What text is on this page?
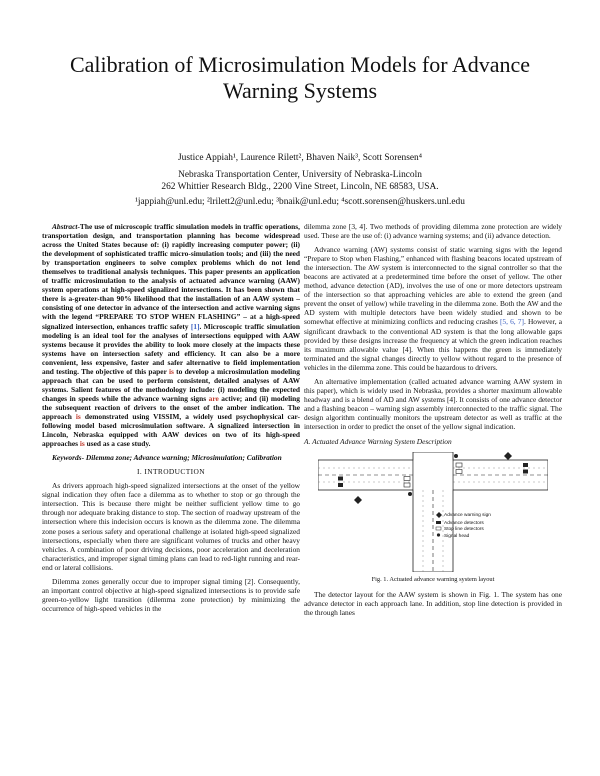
Calibration of Microsimulation Models for Advance Warning Systems
Justice Appiah¹, Laurence Rilett², Bhaven Naik³, Scott Sorensen⁴
Nebraska Transportation Center, University of Nebraska-Lincoln
262 Whittier Research Bldg., 2200 Vine Street, Lincoln, NE 68583, USA.
¹jappiah@unl.edu; ²lrilett2@unl.edu; ³bnaik@unl.edu; ⁴scott.sorensen@huskers.unl.edu

Abstract-The use of microscopic traffic simulation models in traffic operations, transportation design, and transportation planning has become widespread across the United States because of: (i) rapidly increasing computer power; (ii) the development of sophisticated traffic micro-simulation tools; and (iii) the need by transportation engineers to solve complex problems which do not lend themselves to traditional analysis techniques. This paper presents an application of traffic microsimulation to the analysis of actuated advance warning (AAW) system operations at high-speed signalized intersections. It has been shown that there is a-greater-than 90% likelihood that the installation of an AAW system – consisting of one detector in advance of the intersection and active warning signs with the legend “PREPARE TO STOP WHEN FLASHING” – at a high-speed signalized intersection, enhances traffic safety [1]. Microscopic traffic simulation modeling is an ideal tool for the analyses of intersections equipped with AAW systems because it provides the ability to look more closely at the impacts these systems have on intersection safety and efficiency. It can also be a more convenient, less expensive, faster and safer alternative to field implementation and testing. The objective of this paper is to develop a microsimulation modeling approach that can be used to perform consistent, detailed analyses of AAW systems. Salient features of the methodology include: (i) modeling the expected changes in speeds while the advance warning signs are active; and (ii) modeling the subsequent reaction of drivers to the onset of the amber indication. The approach is demonstrated using VISSIM, a widely used psychophysical car-following model based microsimulation software. A signalized intersection in Lincoln, Nebraska equipped with AAW devices on two of its high-speed approaches is used as a case study.

Keywords- Dilemma zone; Advance warning; Microsimulation; Calibration

I. INTRODUCTION

As drivers approach high-speed signalized intersections at the onset of the yellow signal indication they often face a dilemma as to whether to stop or go through the intersection. This is because there might be neither sufficient yellow time to go through nor adequate braking distance to stop. The section of roadway upstream of the intersection where this indecision occurs is known as the dilemma zone. The dilemma zone poses a serious safety and operational challenge at isolated high-speed signalized intersections, especially when there are significant volumes of trucks and other heavy vehicles. A combination of poor driving decisions, poor acceleration and deceleration characteristics, and improper signal timing plans can lead to red-light running and rear-end or lateral collisions.

Dilemma zones generally occur due to improper signal timing [2]. Consequently, an important control objective at high-speed signalized intersections is to provide safe green-to-yellow light transition (dilemma zone protection) by minimizing the occurrence of high-speed vehicles in the

dilemma zone [3, 4]. Two methods of providing dilemma zone protection are widely used. These are the use of: (i) advance warning systems; and (ii) advance detection.

Advance warning (AW) systems consist of static warning signs with the legend “Prepare to Stop when Flashing,” enhanced with flashing beacons located upstream of the intersection. The AW system is interconnected to the signal controller so that the beacons are activated at a predetermined time before the onset of yellow. The other method, advance detection (AD), involves the use of one or more detectors upstream of the intersection so that approaching vehicles are able to extend the green (and prevent the onset of yellow) while traveling in the dilemma zone. Both the AW and the AD system with multiple detectors have been widely studied and shown to be somewhat effective at minimizing conflicts and reducing crashes [5, 6, 7]. However, a significant drawback to the conventional AD system is that the long allowable gaps provided by these designs increase the frequency at which the green indication reaches its maximum allowable value [4]. When this happens the green is immediately terminated and the signal changes directly to yellow without regard to the presence of vehicles in the dilemma zone. This could be hazardous to drivers.

An alternative implementation (called actuated advance warning AAW system in this paper), which is widely used in Nebraska, provides a shorter maximum allowable headway and is a blend of AD and AW systems [4]. It consists of one advance detector and a flashing beacon – warning sign assembly interconnected to the traffic signal. The design algorithm continually monitors the upstream detector as well as traffic at the intersection in order to predict the onset of the yellow signal indication.

A. Actuated Advance Warning System Description
Advance warning sign
Advance detectors
Stop line detectors
Signal head
Fig. 1. Actuated advance warning system layout

The detector layout for the AAW system is shown in Fig. 1. The system has one advance detector in each approach lane. In addition, stop line detection is provided in the through lanes
